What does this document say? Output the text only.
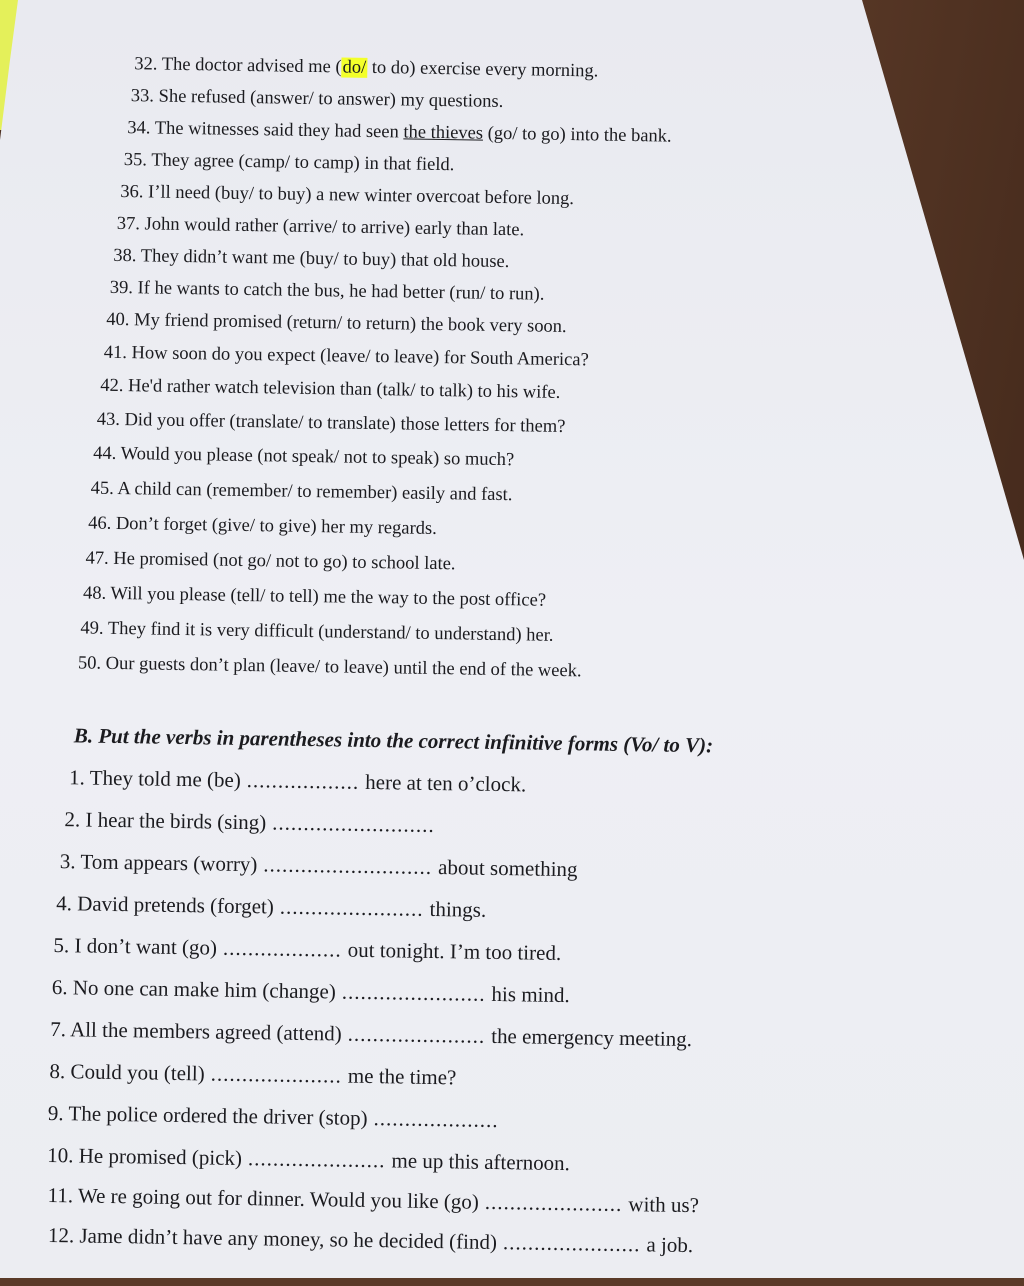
32. The doctor advised me (do/ to do) exercise every morning.
33. She refused (answer/ to answer) my questions.
34. The witnesses said they had seen the thieves (go/ to go) into the bank.
35. They agree (camp/ to camp) in that field.
36. I’ll need (buy/ to buy) a new winter overcoat before long.
37. John would rather (arrive/ to arrive) early than late.
38. They didn’t want me (buy/ to buy) that old house.
39. If he wants to catch the bus, he had better (run/ to run).
40. My friend promised (return/ to return) the book very soon.
41. How soon do you expect (leave/ to leave) for South America?
42. He'd rather watch television than (talk/ to talk) to his wife.
43. Did you offer (translate/ to translate) those letters for them?
44. Would you please (not speak/ not to speak) so much?
45. A child can (remember/ to remember) easily and fast.
46. Don’t forget (give/ to give) her my regards.
47. He promised (not go/ not to go) to school late.
48. Will you please (tell/ to tell) me the way to the post office?
49. They find it is very difficult (understand/ to understand) her.
50. Our guests don’t plan (leave/ to leave) until the end of the week.
B. Put the verbs in parentheses into the correct infinitive forms (Vo/ to V):
1. They told me (be) .................. here at ten o’clock.
2. I hear the birds (sing) ..........................
3. Tom appears (worry) ........................... about something
4. David pretends (forget) ....................... things.
5. I don’t want (go) ................... out tonight. I’m too tired.
6. No one can make him (change) ....................... his mind.
7. All the members agreed (attend) ...................... the emergency meeting.
8. Could you (tell) ..................... me the time?
9. The police ordered the driver (stop) ....................
10. He promised (pick) ...................... me up this afternoon.
11. We re going out for dinner. Would you like (go) ...................... with us?
12. Jame didn’t have any money, so he decided (find) ...................... a job.
